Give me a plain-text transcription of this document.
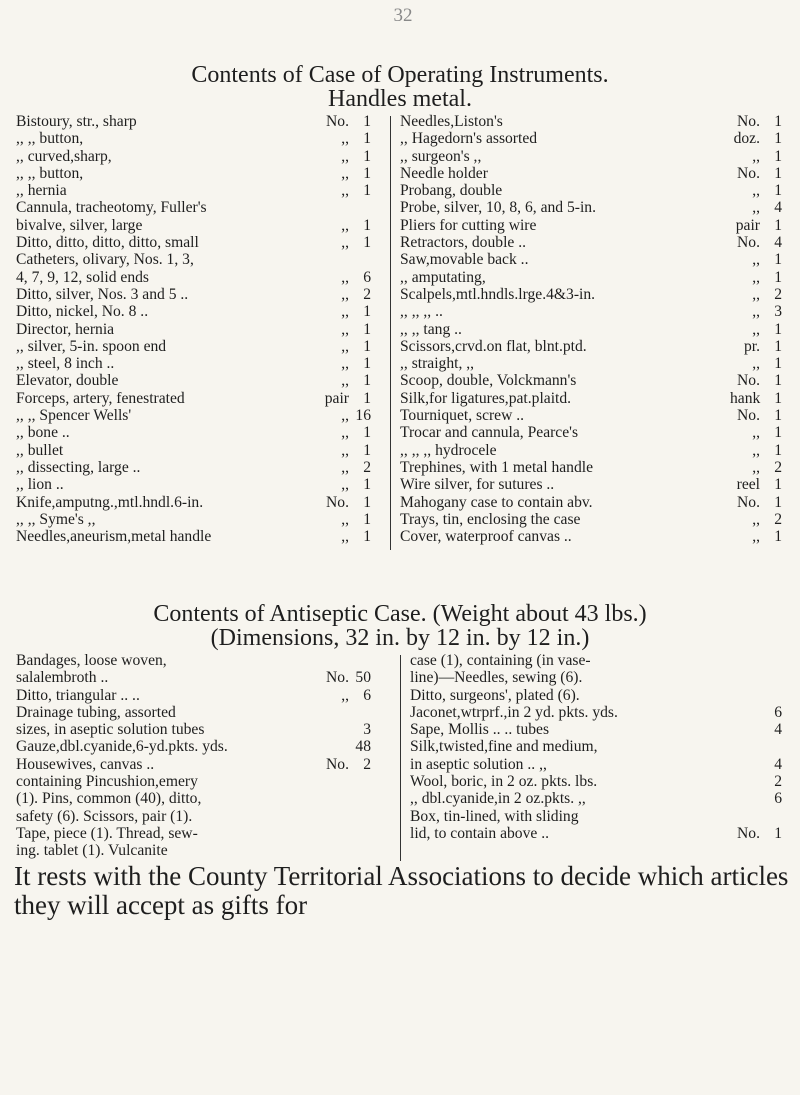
32
Contents of Case of Operating Instruments.
Handles metal.
Bistoury, str., sharp	No. 1
,, ,, button,	,, 1
,, curved,sharp,	,, 1
,, ,, button,	,, 1
,, hernia	,, 1
Cannula, tracheotomy, Fuller's
bivalve, silver, large	,, 1
Ditto, ditto, ditto, ditto, small	,, 1
Catheters, olivary, Nos. 1, 3,
4, 7, 9, 12, solid ends	,, 6
Ditto, silver, Nos. 3 and 5 ..	,, 2
Ditto, nickel, No. 8 ..	,, 1
Director, hernia	,, 1
,, silver, 5-in. spoon end	,, 1
,, steel, 8 inch ..	,, 1
Elevator, double	,, 1
Forceps, artery, fenestrated	pair 1
,, ,, Spencer Wells'	,, 16
,, bone ..	,, 1
,, bullet	,, 1
,, dissecting, large ..	,, 2
,, lion ..	,, 1
Knife,amputng.,mtl.hndl.6-in.	No. 1
,, ,, Syme's ,,	,, 1
Needles,aneurism,metal handle	,, 1
Needles,Liston's	No. 1
,, Hagedorn's assorted	doz. 1
,, surgeon's ,,	,, 1
Needle holder	No. 1
Probang, double	,, 1
Probe, silver, 10, 8, 6, and 5-in.	,, 4
Pliers for cutting wire	pair 1
Retractors, double ..	No. 4
Saw,movable back ..	,, 1
,, amputating,	,, 1
Scalpels,mtl.hndls.lrge.4&3-in.	,, 2
,, ,, ,, ..	,, 3
,, ,, tang ..	,, 1
Scissors,crvd.on flat, blnt.ptd.	pr. 1
,, straight, ,,	,, 1
Scoop, double, Volckmann's	No. 1
Silk,for ligatures,pat.plaitd.	hank 1
Tourniquet, screw ..	No. 1
Trocar and cannula, Pearce's	,, 1
,, ,, ,, hydrocele	,, 1
Trephines, with 1 metal handle	,, 2
Wire silver, for sutures ..	reel 1
Mahogany case to contain abv.	No. 1
Trays, tin, enclosing the case	,, 2
Cover, waterproof canvas ..	,, 1
Contents of Antiseptic Case. (Weight about 43 lbs.)
(Dimensions, 32 in. by 12 in. by 12 in.)
Bandages, loose woven,
salalembroth ..	No. 50
Ditto, triangular .. ..	,, 6
Drainage tubing, assorted
sizes, in aseptic solution tubes	3
Gauze,dbl.cyanide,6-yd.pkts. yds.	48
Housewives, canvas ..	No. 2
containing Pincushion,emery
(1). Pins, common (40), ditto,
safety (6). Scissors, pair (1).
Tape, piece (1). Thread, sew-
ing. tablet (1). Vulcanite
case (1), containing (in vase-
line)—Needles, sewing (6).
Ditto, surgeons', plated (6).
Jaconet,wtrprf.,in 2 yd. pkts. yds.	6
Sape, Mollis .. .. tubes	4
Silk,twisted,fine and medium,
in aseptic solution .. ,,	4
Wool, boric, in 2 oz. pkts. lbs.	2
,, dbl.cyanide,in 2 oz.pkts. ,,	6
Box, tin-lined, with sliding
lid, to contain above ..	No. 1
It rests with the County Territorial Associations to decide which articles they will accept as gifts for
